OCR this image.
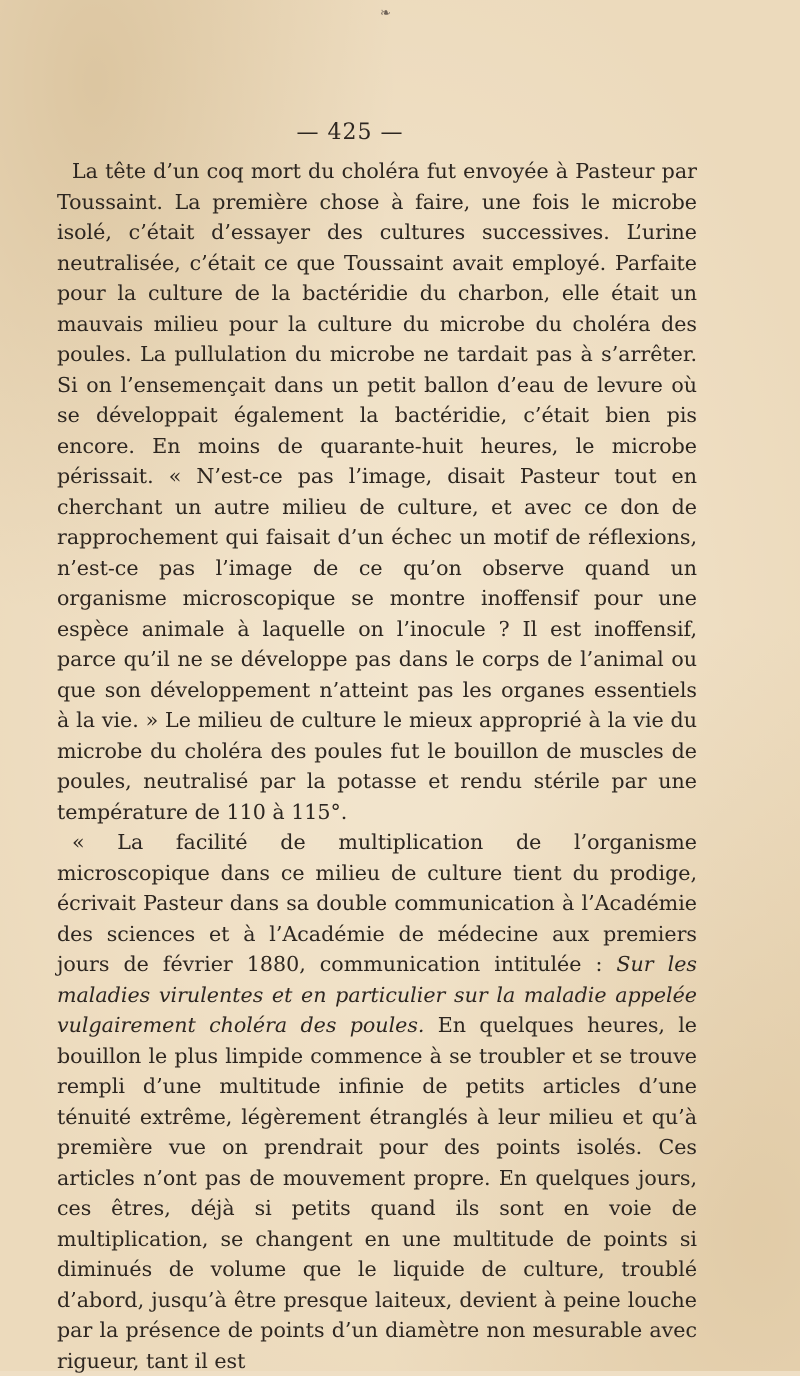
❧
— 425 —

La tête d’un coq mort du choléra fut envoyée à Pasteur par Toussaint. La première chose à faire, une fois le microbe isolé, c’était d’essayer des cultures successives. L’urine neutralisée, c’était ce que Toussaint avait employé. Parfaite pour la culture de la bactéridie du charbon, elle était un mauvais milieu pour la culture du microbe du choléra des poules. La pullulation du microbe ne tardait pas à s’arrêter. Si on l’ensemençait dans un petit ballon d’eau de levure où se développait également la bactéridie, c’était bien pis encore. En moins de quarante-huit heures, le microbe périssait. « N’est-ce pas l’image, disait Pasteur tout en cherchant un autre milieu de culture, et avec ce don de rapprochement qui faisait d’un échec un motif de réflexions, n’est-ce pas l’image de ce qu’on observe quand un organisme microscopique se montre inoffensif pour une espèce animale à laquelle on l’inocule ? Il est inoffensif, parce qu’il ne se développe pas dans le corps de l’animal ou que son développement n’atteint pas les organes essentiels à la vie. » Le milieu de culture le mieux approprié à la vie du microbe du choléra des poules fut le bouillon de muscles de poules, neutralisé par la potasse et rendu stérile par une température de 110 à 115°.

« La facilité de multiplication de l’organisme microscopique dans ce milieu de culture tient du prodige, écrivait Pasteur dans sa double communication à l’Académie des sciences et à l’Académie de médecine aux premiers jours de février 1880, communication intitulée : Sur les maladies virulentes et en particulier sur la maladie appelée vulgairement choléra des poules. En quelques heures, le bouillon le plus limpide commence à se troubler et se trouve rempli d’une multitude infinie de petits articles d’une ténuité extrême, légèrement étranglés à leur milieu et qu’à première vue on prendrait pour des points isolés. Ces articles n’ont pas de mouvement propre. En quelques jours, ces êtres, déjà si petits quand ils sont en voie de multiplication, se changent en une multitude de points si diminués de volume que le liquide de culture, troublé d’abord, jusqu’à être presque laiteux, devient à peine louche par la présence de points d’un diamètre non mesurable avec rigueur, tant il est
